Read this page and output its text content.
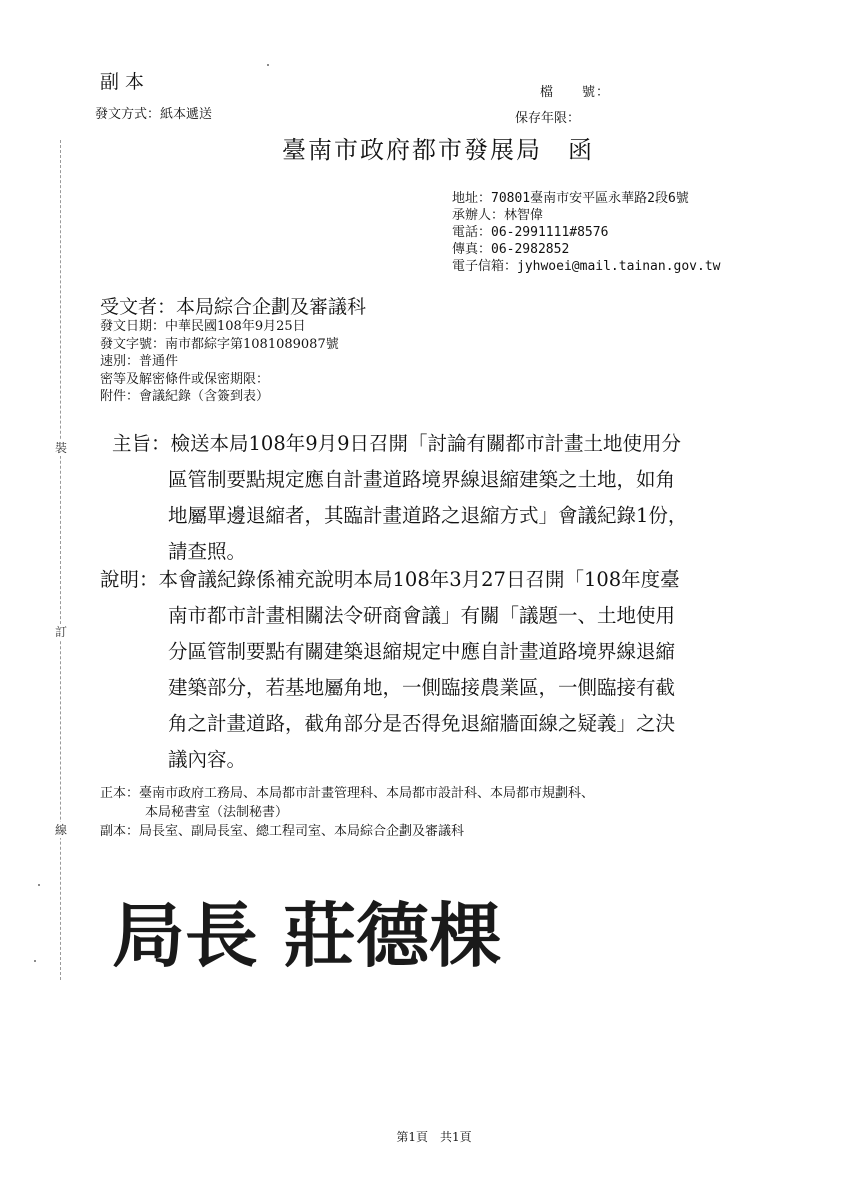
裝
訂
線
副本
發文方式：紙本遞送
檔　　號：
保存年限：
臺南市政府都市發展局　函
地址：70801臺南市安平區永華路2段6號
承辦人：林智偉
電話：06-2991111#8576
傳真：06-2982852
電子信箱：jyhwoei@mail.tainan.gov.tw
受文者：本局綜合企劃及審議科
發文日期：中華民國108年9月25日
發文字號：南市都綜字第1081089087號
速別：普通件
密等及解密條件或保密期限：
附件：會議紀錄（含簽到表）
主旨：檢送本局108年9月9日召開「討論有關都市計畫土地使用分
區管制要點規定應自計畫道路境界線退縮建築之土地，如角
地屬單邊退縮者，其臨計畫道路之退縮方式」會議紀錄1份，
請查照。
說明：本會議紀錄係補充說明本局108年3月27日召開「108年度臺
南市都市計畫相關法令研商會議」有關「議題一、土地使用
分區管制要點有關建築退縮規定中應自計畫道路境界線退縮
建築部分，若基地屬角地，一側臨接農業區，一側臨接有截
角之計畫道路，截角部分是否得免退縮牆面線之疑義」之決
議內容。
正本：臺南市政府工務局、本局都市計畫管理科、本局都市設計科、本局都市規劃科、
本局秘書室（法制秘書）
副本：局長室、副局長室、總工程司室、本局綜合企劃及審議科
局長 莊德棵
第1頁　共1頁
